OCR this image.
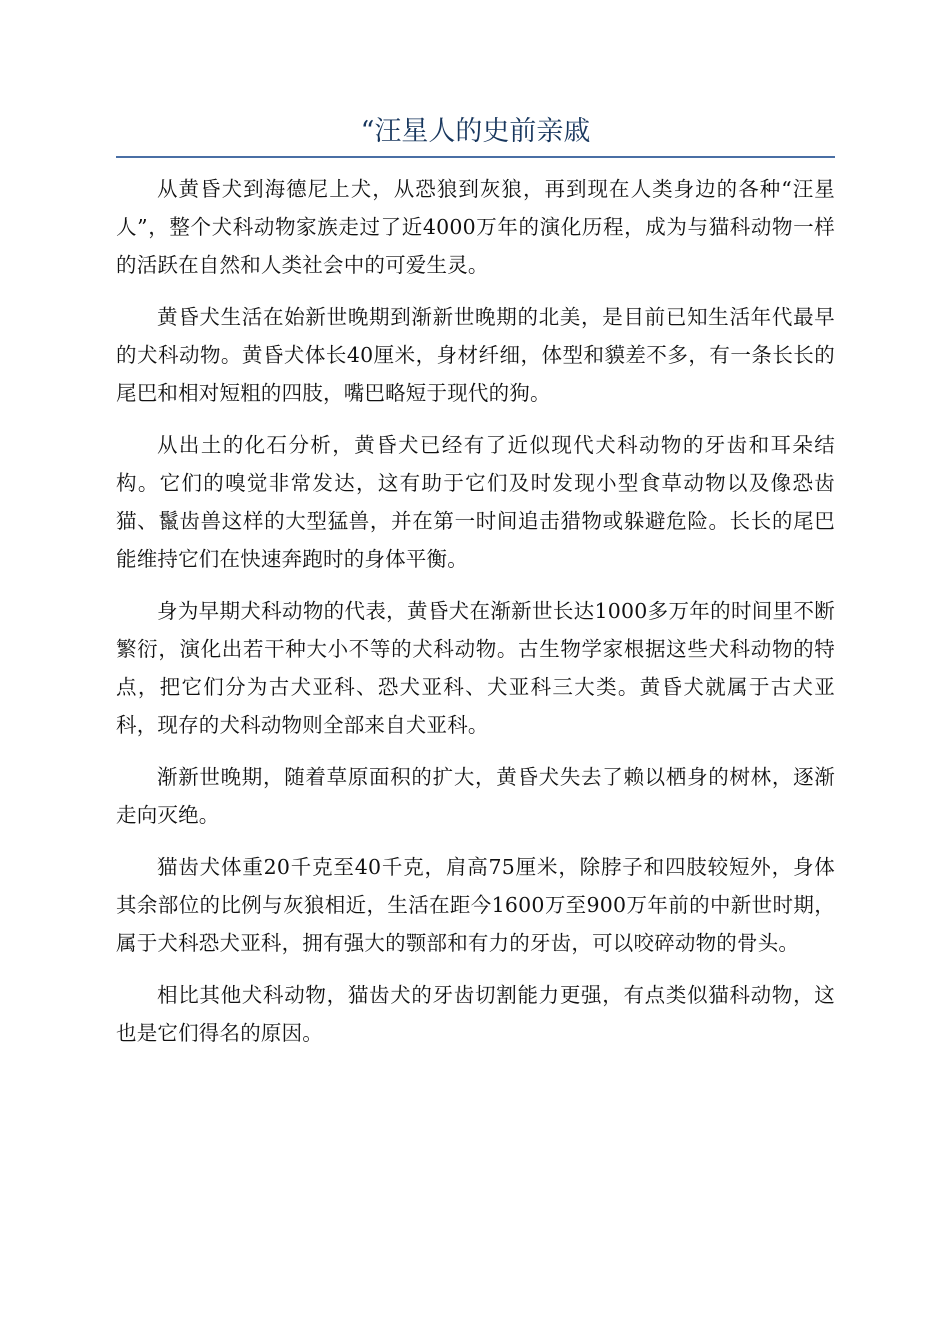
“汪星人的史前亲戚

从黄昏犬到海德尼上犬，从恐狼到灰狼，再到现在人类身边的各种“汪星人”，整个犬科动物家族走过了近4000万年的演化历程，成为与猫科动物一样的活跃在自然和人类社会中的可爱生灵。

黄昏犬生活在始新世晚期到渐新世晚期的北美，是目前已知生活年代最早的犬科动物。黄昏犬体长40厘米，身材纤细，体型和貘差不多，有一条长长的尾巴和相对短粗的四肢，嘴巴略短于现代的狗。

从出土的化石分析，黄昏犬已经有了近似现代犬科动物的牙齿和耳朵结构。它们的嗅觉非常发达，这有助于它们及时发现小型食草动物以及像恐齿猫、鬣齿兽这样的大型猛兽，并在第一时间追击猎物或躲避危险。长长的尾巴能维持它们在快速奔跑时的身体平衡。

身为早期犬科动物的代表，黄昏犬在渐新世长达1000多万年的时间里不断繁衍，演化出若干种大小不等的犬科动物。古生物学家根据这些犬科动物的特点，把它们分为古犬亚科、恐犬亚科、犬亚科三大类。黄昏犬就属于古犬亚科，现存的犬科动物则全部来自犬亚科。

渐新世晚期，随着草原面积的扩大，黄昏犬失去了赖以栖身的树林，逐渐走向灭绝。

猫齿犬体重20千克至40千克，肩高75厘米，除脖子和四肢较短外，身体其余部位的比例与灰狼相近，生活在距今1600万至900万年前的中新世时期，属于犬科恐犬亚科，拥有强大的颚部和有力的牙齿，可以咬碎动物的骨头。

相比其他犬科动物，猫齿犬的牙齿切割能力更强，有点类似猫科动物，这也是它们得名的原因。
